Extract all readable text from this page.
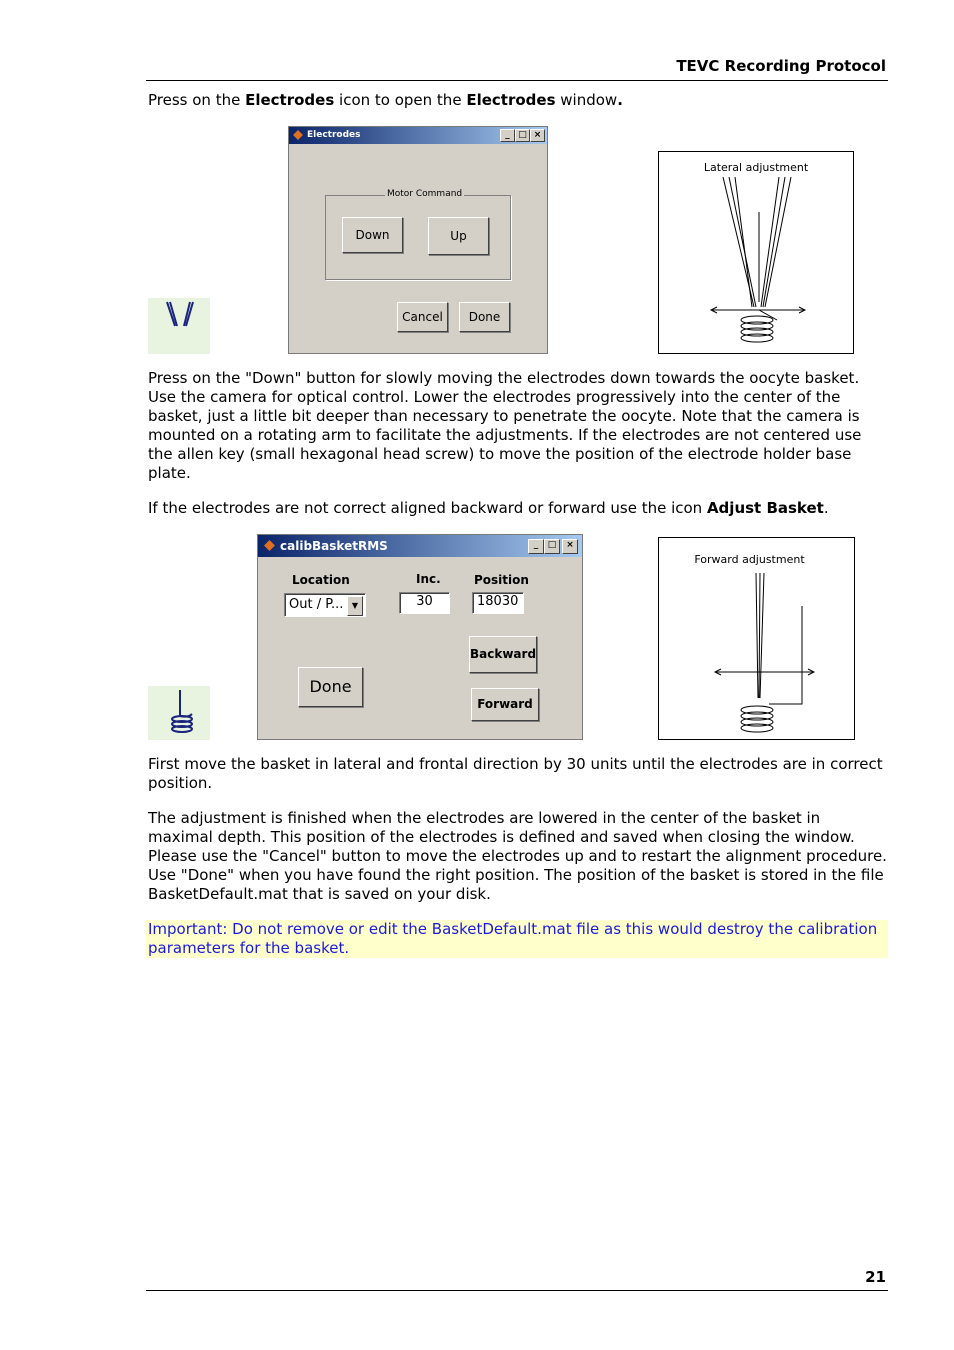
TEVC Recording Protocol
Press on the Electrodes icon to open the Electrodes window.
Electrodes	_ □ ×
Motor Command
Down	Up
Cancel	Done
Lateral adjustment
Press on the "Down" button for slowly moving the electrodes down towards the oocyte basket. Use the camera for optical control. Lower the electrodes progressively into the center of the basket, just a little bit deeper than necessary to penetrate the oocyte. Note that the camera is mounted on a rotating arm to facilitate the adjustments. If the electrodes are not centered use the allen key (small hexagonal head screw) to move the position of the electrode holder base plate.
If the electrodes are not correct aligned backward or forward use the icon Adjust Basket.
calibBasketRMS	_	□	×
Location	Inc.	Position
Out / P...	▼	30	18030
Backward
Done
Forward
Forward adjustment
First move the basket in lateral and frontal direction by 30 units until the electrodes are in correct position.
The adjustment is finished when the electrodes are lowered in the center of the basket in maximal depth. This position of the electrodes is defined and saved when closing the window. Please use the "Cancel" button to move the electrodes up and to restart the alignment procedure. Use "Done" when you have found the right position. The position of the basket is stored in the file BasketDefault.mat that is saved on your disk.
Important: Do not remove or edit the BasketDefault.mat file as this would destroy the calibration parameters for the basket.
21
